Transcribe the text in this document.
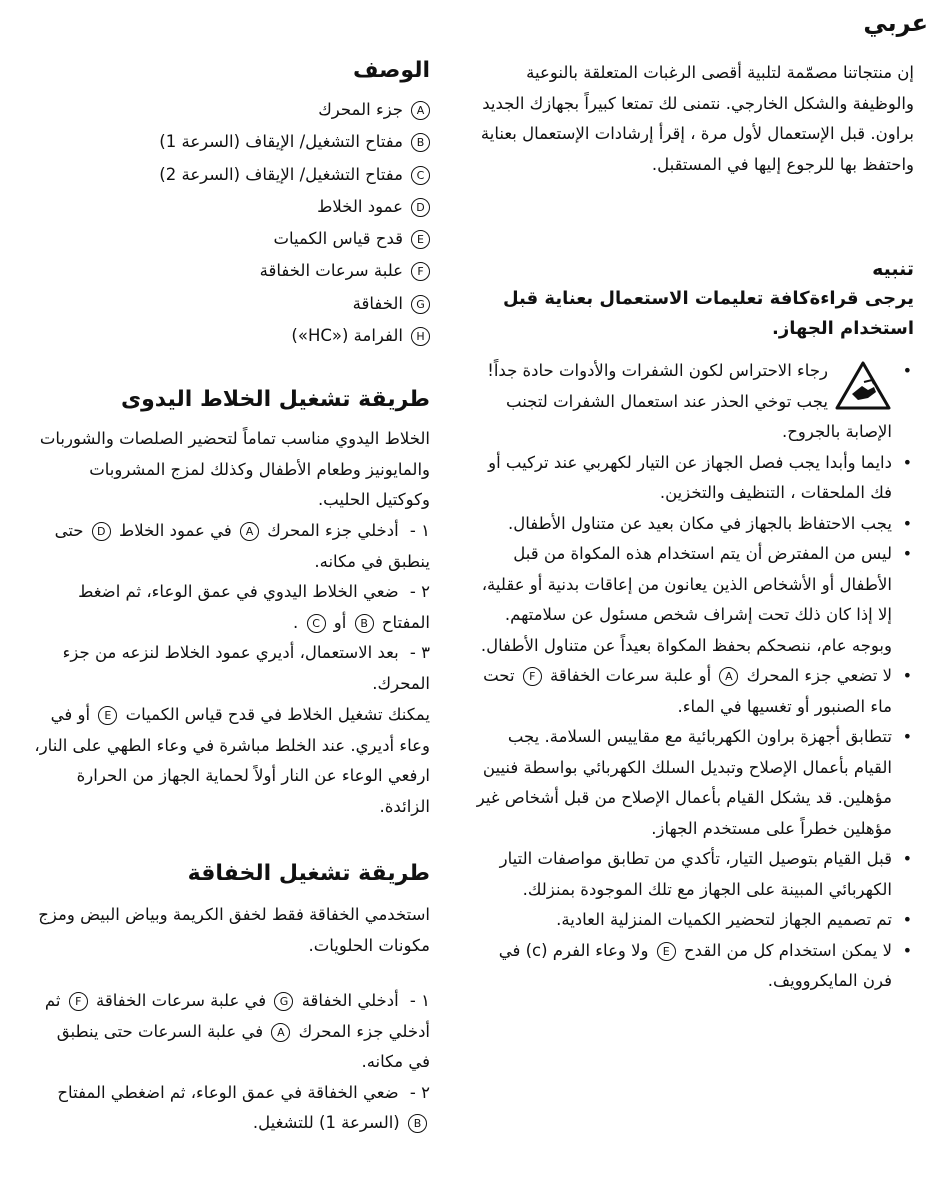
عربي
إن منتجاتنا مصمّمة لتلبية أقصى الرغبات المتعلقة بالنوعية والوظيفة والشكل الخارجي. نتمنى لك تمتعا كبيراً بجهازك الجديد براون. قبل الإستعمال لأول مرة ، إقرأ إرشادات الإستعمال بعناية واحتفظ بها للرجوع إليها في المستقبل.
تنبيه
يرجى قراءةكافة تعليمات الاستعمال بعناية قبل استخدام الجهاز.
• رجاء الاحتراس لكون الشفرات والأدوات حادة جداً! يجب توخي الحذر عند استعمال الشفرات لتجنب الإصابة بالجروح.
• دايما وأبدا يجب فصل الجهاز عن التيار لكهربي عند تركيب أو فك الملحقات ، التنظيف والتخزين.
• يجب الاحتفاظ بالجهاز في مكان بعيد عن متناول الأطفال.
• ليس من المفترض أن يتم استخدام هذه المكواة من قبل الأطفال أو الأشخاص الذين يعانون من إعاقات بدنية أو عقلية، إلا إذا كان ذلك تحت إشراف شخص مسئول عن سلامتهم. وبوجه عام، ننصحكم بحفظ المكواة بعيداً عن متناول الأطفال.
• لا تضعي جزء المحرك A أو علبة سرعات الخفاقة F تحت ماء الصنبور أو تغسيها في الماء.
• تتطابق أجهزة براون الكهربائية مع مقاييس السلامة. يجب القيام بأعمال الإصلاح وتبديل السلك الكهربائي بواسطة فنيين مؤهلين. قد يشكل القيام بأعمال الإصلاح من قبل أشخاص غير مؤهلين خطراً على مستخدم الجهاز.
• قبل القيام بتوصيل التيار، تأكدي من تطابق مواصفات التيار الكهربائي المبينة على الجهاز مع تلك الموجودة بمنزلك.
• تم تصميم الجهاز لتحضير الكميات المنزلية العادية.
• لا يمكن استخدام كل من القدح E ولا وعاء الفرم (c) في فرن المايكروويف.
الوصف
Aجزء المحرك
Bمفتاح التشغيل/ الإيقاف (السرعة 1)
Cمفتاح التشغيل/ الإيقاف (السرعة 2)
Dعمود الخلاط
Eقدح قياس الكميات
Fعلبة سرعات الخفاقة
Gالخفاقة
Hالفرامة («HC»)
طريقة تشغيل الخلاط اليدوى
الخلاط اليدوي مناسب تماماً لتحضير الصلصات والشوربات والمايونيز وطعام الأطفال وكذلك لمزج المشروبات وكوكتيل الحليب.
١ - أدخلي جزء المحرك A في عمود الخلاط D حتى ينطبق في مكانه.
٢ - ضعي الخلاط اليدوي في عمق الوعاء، ثم اضغط المفتاح B أو C .
٣ - بعد الاستعمال، أديري عمود الخلاط لنزعه من جزء المحرك.
يمكنك تشغيل الخلاط في قدح قياس الكميات E أو في وعاء أديري. عند الخلط مباشرة في وعاء الطهي على النار، ارفعي الوعاء عن النار أولاً لحماية الجهاز من الحرارة الزائدة.
طريقة تشغيل الخفاقة
استخدمي الخفاقة فقط لخفق الكريمة وبياض البيض ومزج مكونات الحلويات.
١ - أدخلي الخفاقة G في علبة سرعات الخفاقة F ثم أدخلي جزء المحرك A في علبة السرعات حتى ينطبق في مكانه.
٢ - ضعي الخفاقة في عمق الوعاء، ثم اضغطي المفتاح B (السرعة 1) للتشغيل.
